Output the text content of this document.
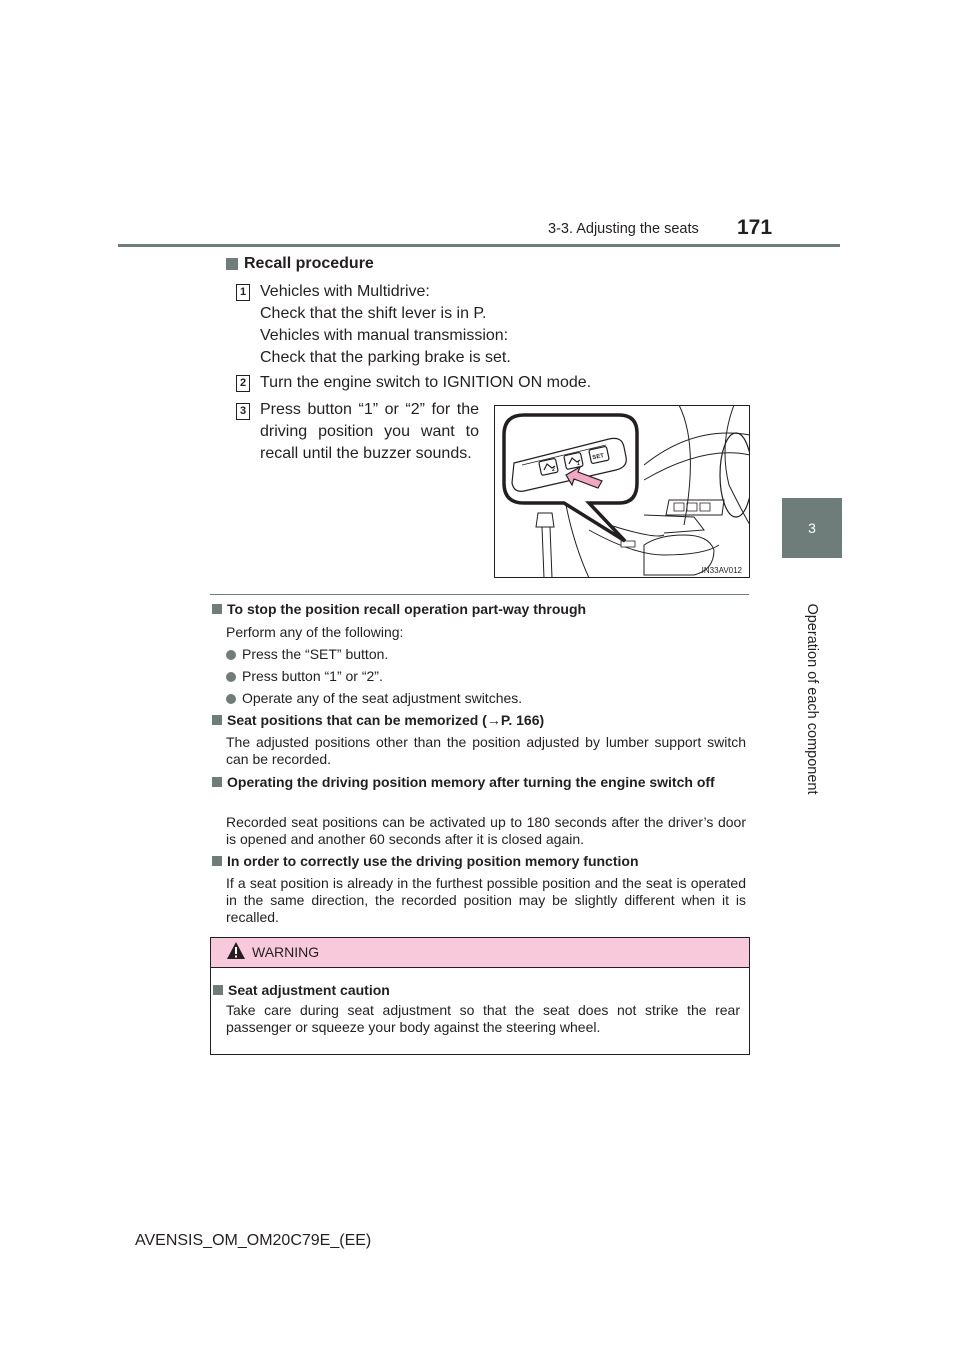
3-3. Adjusting the seats 171
3
Operation of each component
Recall procedure
1 Vehicles with Multidrive:
Check that the shift lever is in P.
Vehicles with manual transmission:
Check that the parking brake is set.
2 Turn the engine switch to IGNITION ON mode.
3 Press button “1” or “2” for the driving position you want to recall until the buzzer sounds.
2
1
SET
IN33AV012
To stop the position recall operation part-way through
Perform any of the following:
Press the “SET” button.
Press button “1” or “2”.
Operate any of the seat adjustment switches.
Seat positions that can be memorized (→P. 166)
The adjusted positions other than the position adjusted by lumber support switch can be recorded.
Operating the driving position memory after turning the engine switch off
Recorded seat positions can be activated up to 180 seconds after the driver’s door is opened and another 60 seconds after it is closed again.
In order to correctly use the driving position memory function
If a seat position is already in the furthest possible position and the seat is operated in the same direction, the recorded position may be slightly different when it is recalled.
WARNING
Seat adjustment caution
Take care during seat adjustment so that the seat does not strike the rear passenger or squeeze your body against the steering wheel.
AVENSIS_OM_OM20C79E_(EE)
